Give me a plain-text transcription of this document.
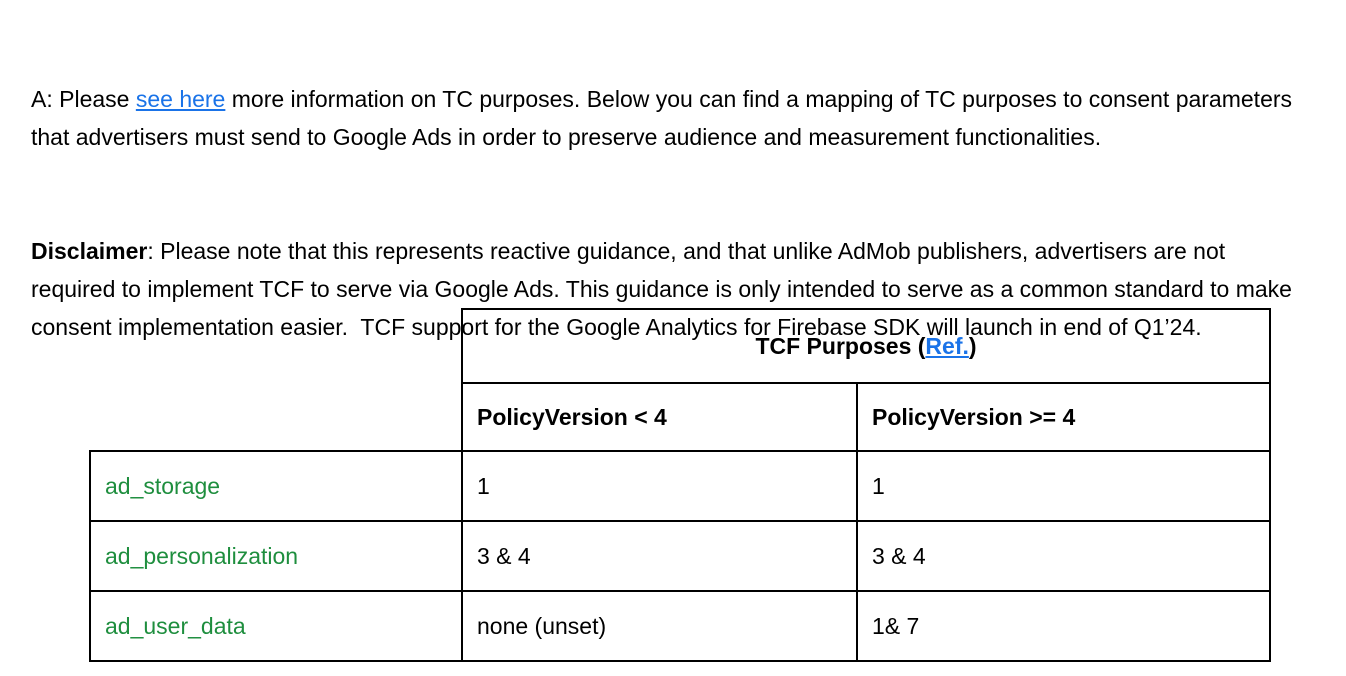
A: Please see here more information on TC purposes. Below you can find a mapping of TC purposes to consent parameters that advertisers must send to Google Ads in order to preserve audience and measurement functionalities.

Disclaimer: Please note that this represents reactive guidance, and that unlike AdMob publishers, advertisers are not required to implement TCF to serve via Google Ads. This guidance is only intended to serve as a common standard to make consent implementation easier.  TCF support for the Google Analytics for Firebase SDK will launch in end of Q1’24.

	TCF Purposes (Ref.)	
	PolicyVersion < 4	PolicyVersion >= 4
ad_storage	1	1
ad_personalization	3 & 4	3 & 4
ad_user_data	none (unset)	1& 7
